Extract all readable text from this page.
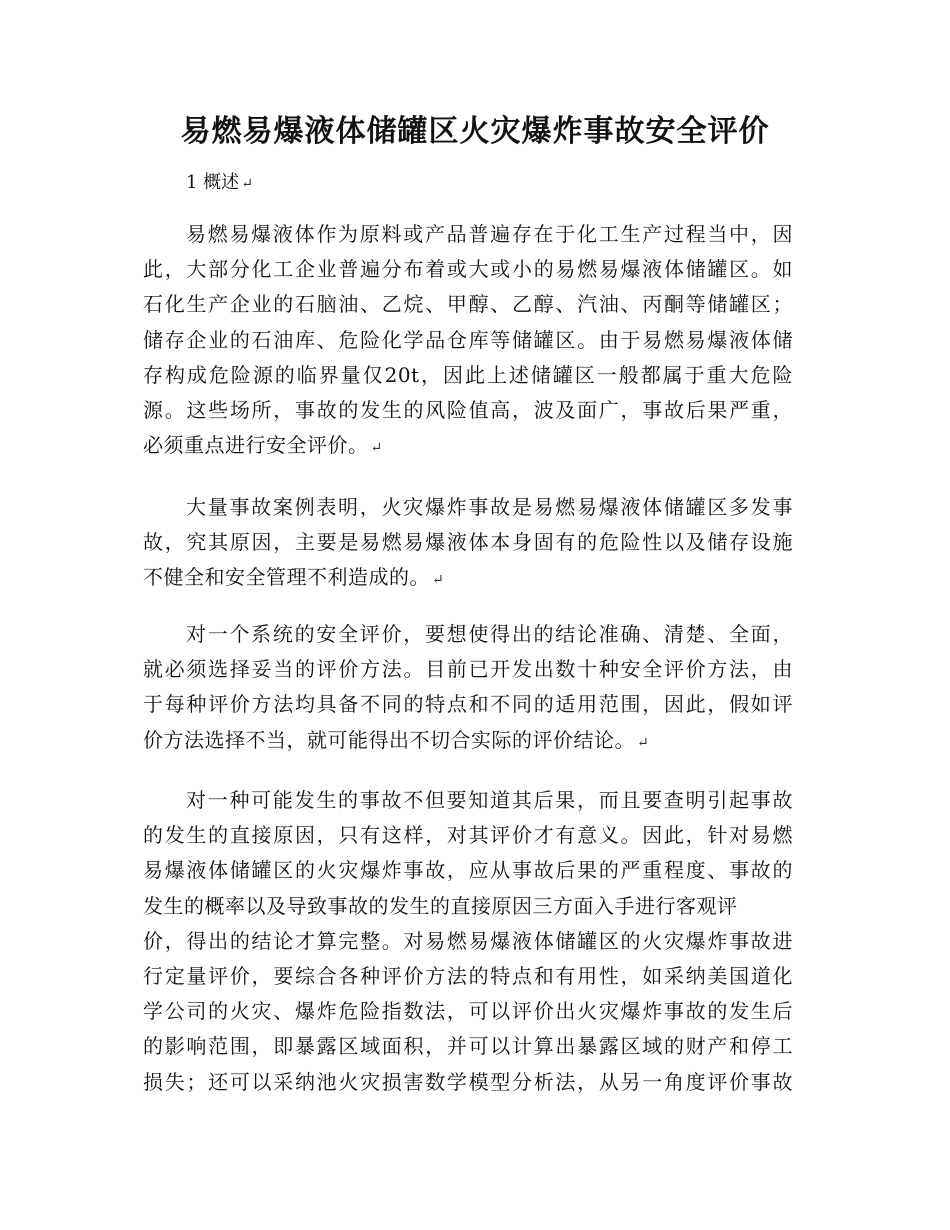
易燃易爆液体储罐区火灾爆炸事故安全评价
1 概述 ↵
易燃易爆液体作为原料或产品普遍存在于化工生产过程当中，因
此，大部分化工企业普遍分布着或大或小的易燃易爆液体储罐区。如
石化生产企业的石脑油、乙烷、甲醇、乙醇、汽油、丙酮等储罐区；
储存企业的石油库、危险化学品仓库等储罐区。由于易燃易爆液体储
存构成危险源的临界量仅20t，因此上述储罐区一般都属于重大危险
源。这些场所，事故的发生的风险值高，波及面广，事故后果严重，
必须重点进行安全评价。 ↵
大量事故案例表明，火灾爆炸事故是易燃易爆液体储罐区多发事
故，究其原因，主要是易燃易爆液体本身固有的危险性以及储存设施
不健全和安全管理不利造成的。 ↵
对一个系统的安全评价，要想使得出的结论准确、清楚、全面，
就必须选择妥当的评价方法。目前已开发出数十种安全评价方法，由
于每种评价方法均具备不同的特点和不同的适用范围，因此，假如评
价方法选择不当，就可能得出不切合实际的评价结论。 ↵
对一种可能发生的事故不但要知道其后果，而且要查明引起事故
的发生的直接原因，只有这样，对其评价才有意义。因此，针对易燃
易爆液体储罐区的火灾爆炸事故，应从事故后果的严重程度、事故的
发生的概率以及导致事故的发生的直接原因三方面入手进行客观评
价，得出的结论才算完整。对易燃易爆液体储罐区的火灾爆炸事故进
行定量评价，要综合各种评价方法的特点和有用性，如采纳美国道化
学公司的火灾、爆炸危险指数法，可以评价出火灾爆炸事故的发生后
的影响范围，即暴露区域面积，并可以计算出暴露区域的财产和停工
损失；还可以采纳池火灾损害数学模型分析法，从另一角度评价事故
